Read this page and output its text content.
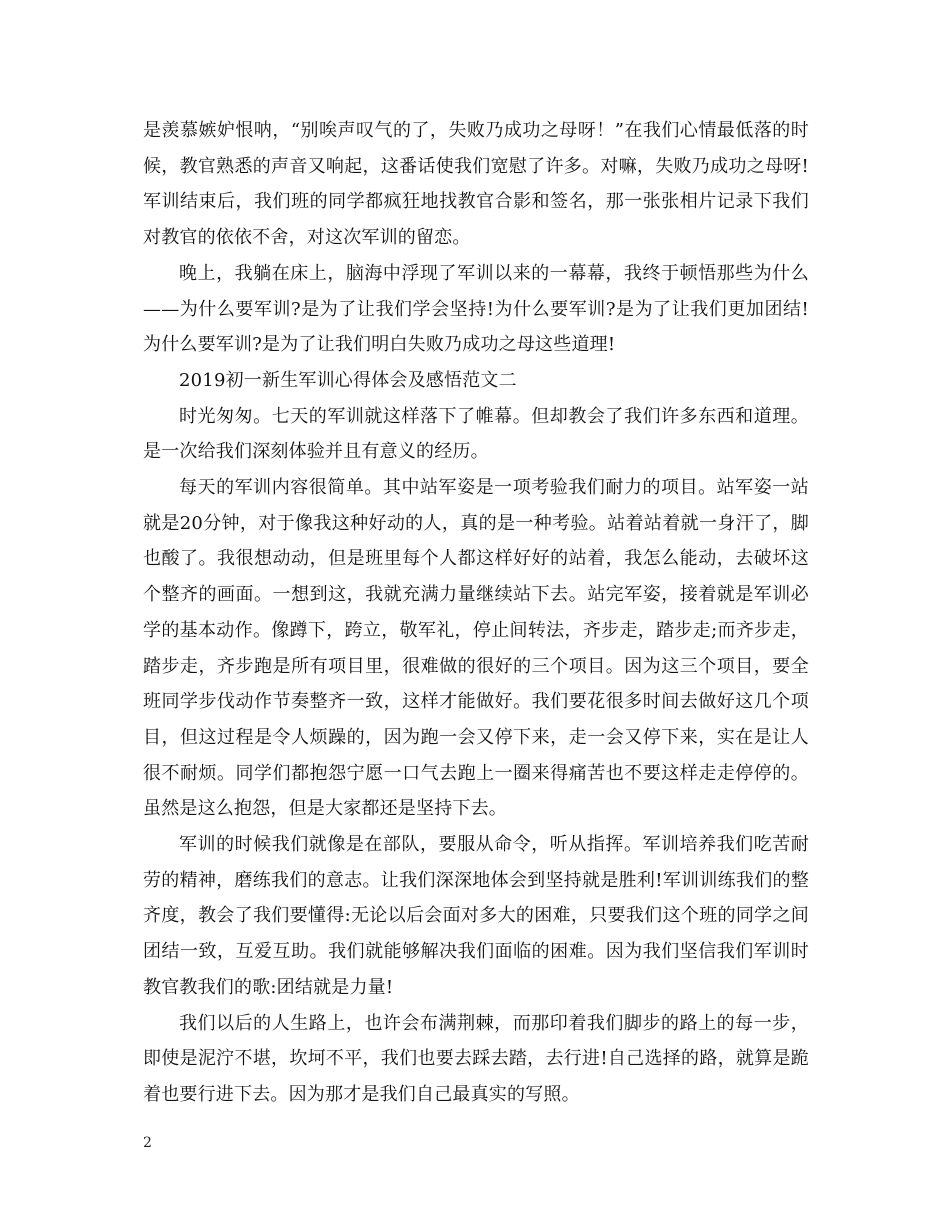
是羡慕嫉妒恨呐，“别唉声叹气的了，失败乃成功之母呀！”在我们心情最低落的时候，教官熟悉的声音又响起，这番话使我们宽慰了许多。对嘛，失败乃成功之母呀!军训结束后，我们班的同学都疯狂地找教官合影和签名，那一张张相片记录下我们对教官的依依不舍，对这次军训的留恋。

晚上，我躺在床上，脑海中浮现了军训以来的一幕幕，我终于顿悟那些为什么——为什么要军训?是为了让我们学会坚持!为什么要军训?是为了让我们更加团结!为什么要军训?是为了让我们明白失败乃成功之母这些道理!

2019初一新生军训心得体会及感悟范文二

时光匆匆。七天的军训就这样落下了帷幕。但却教会了我们许多东西和道理。是一次给我们深刻体验并且有意义的经历。

每天的军训内容很简单。其中站军姿是一项考验我们耐力的项目。站军姿一站就是20分钟，对于像我这种好动的人，真的是一种考验。站着站着就一身汗了，脚也酸了。我很想动动，但是班里每个人都这样好好的站着，我怎么能动，去破坏这个整齐的画面。一想到这，我就充满力量继续站下去。站完军姿，接着就是军训必学的基本动作。像蹲下，跨立，敬军礼，停止间转法，齐步走，踏步走;而齐步走，踏步走，齐步跑是所有项目里，很难做的很好的三个项目。因为这三个项目，要全班同学步伐动作节奏整齐一致，这样才能做好。我们要花很多时间去做好这几个项目，但这过程是令人烦躁的，因为跑一会又停下来，走一会又停下来，实在是让人很不耐烦。同学们都抱怨宁愿一口气去跑上一圈来得痛苦也不要这样走走停停的。虽然是这么抱怨，但是大家都还是坚持下去。

军训的时候我们就像是在部队，要服从命令，听从指挥。军训培养我们吃苦耐劳的精神，磨练我们的意志。让我们深深地体会到坚持就是胜利!军训训练我们的整齐度，教会了我们要懂得:无论以后会面对多大的困难，只要我们这个班的同学之间团结一致，互爱互助。我们就能够解决我们面临的困难。因为我们坚信我们军训时教官教我们的歌:团结就是力量!

我们以后的人生路上，也许会布满荆棘，而那印着我们脚步的路上的每一步，即使是泥泞不堪，坎坷不平，我们也要去踩去踏，去行进!自己选择的路，就算是跪着也要行进下去。因为那才是我们自己最真实的写照。

2
